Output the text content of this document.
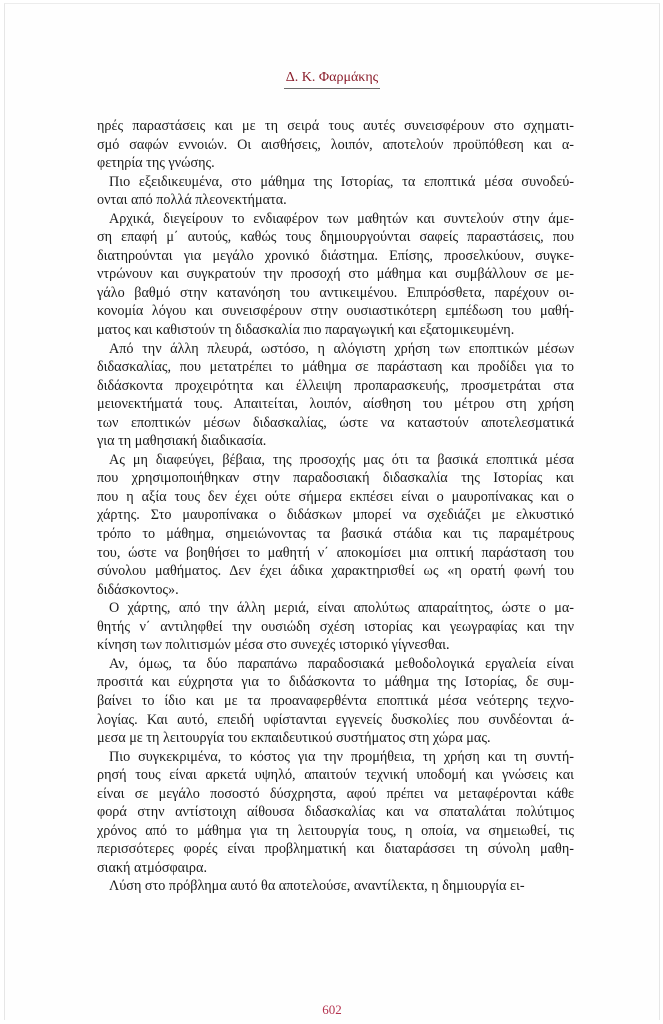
Δ. Κ. Φαρμάκης
ηρές παραστάσεις και με τη σειρά τους αυτές συνεισφέρουν στο σχηματι-
σμό σαφών εννοιών. Οι αισθήσεις, λοιπόν, αποτελούν προϋπόθεση και α-
φετηρία της γνώσης.
Πιο εξειδικευμένα, στο μάθημα της Ιστορίας, τα εποπτικά μέσα συνοδεύ-
ονται από πολλά πλεονεκτήματα.
Αρχικά, διεγείρουν το ενδιαφέρον των μαθητών και συντελούν στην άμε-
ση επαφή μ΄ αυτούς, καθώς τους δημιουργούνται σαφείς παραστάσεις, που
διατηρούνται για μεγάλο χρονικό διάστημα. Επίσης, προσελκύουν, συγκε-
ντρώνουν και συγκρατούν την προσοχή στο μάθημα και συμβάλλουν σε με-
γάλο βαθμό στην κατανόηση του αντικειμένου. Επιπρόσθετα, παρέχουν οι-
κονομία λόγου και συνεισφέρουν στην ουσιαστικότερη εμπέδωση του μαθή-
ματος και καθιστούν τη διδασκαλία πιο παραγωγική και εξατομικευμένη.
Από την άλλη πλευρά, ωστόσο, η αλόγιστη χρήση των εποπτικών μέσων
διδασκαλίας, που μετατρέπει το μάθημα σε παράσταση και προδίδει για το
διδάσκοντα προχειρότητα και έλλειψη προπαρασκευής, προσμετράται στα
μειονεκτήματά τους. Απαιτείται, λοιπόν, αίσθηση του μέτρου στη χρήση
των εποπτικών μέσων διδασκαλίας, ώστε να καταστούν αποτελεσματικά
για τη μαθησιακή διαδικασία.
Ας μη διαφεύγει, βέβαια, της προσοχής μας ότι τα βασικά εποπτικά μέσα
που χρησιμοποιήθηκαν στην παραδοσιακή διδασκαλία της Ιστορίας και
που η αξία τους δεν έχει ούτε σήμερα εκπέσει είναι ο μαυροπίνακας και ο
χάρτης. Στο μαυροπίνακα ο διδάσκων μπορεί να σχεδιάζει με ελκυστικό
τρόπο το μάθημα, σημειώνοντας τα βασικά στάδια και τις παραμέτρους
του, ώστε να βοηθήσει το μαθητή ν΄ αποκομίσει μια οπτική παράσταση του
σύνολου μαθήματος. Δεν έχει άδικα χαρακτηρισθεί ως «η ορατή φωνή του
διδάσκοντος».
Ο χάρτης, από την άλλη μεριά, είναι απολύτως απαραίτητος, ώστε ο μα-
θητής ν΄ αντιληφθεί την ουσιώδη σχέση ιστορίας και γεωγραφίας και την
κίνηση των πολιτισμών μέσα στο συνεχές ιστορικό γίγνεσθαι.
Αν, όμως, τα δύο παραπάνω παραδοσιακά μεθοδολογικά εργαλεία είναι
προσιτά και εύχρηστα για το διδάσκοντα το μάθημα της Ιστορίας, δε συμ-
βαίνει το ίδιο και με τα προαναφερθέντα εποπτικά μέσα νεότερης τεχνο-
λογίας. Και αυτό, επειδή υφίστανται εγγενείς δυσκολίες που συνδέονται ά-
μεσα με τη λειτουργία του εκπαιδευτικού συστήματος στη χώρα μας.
Πιο συγκεκριμένα, το κόστος για την προμήθεια, τη χρήση και τη συντή-
ρησή τους είναι αρκετά υψηλό, απαιτούν τεχνική υποδομή και γνώσεις και
είναι σε μεγάλο ποσοστό δύσχρηστα, αφού πρέπει να μεταφέρονται κάθε
φορά στην αντίστοιχη αίθουσα διδασκαλίας και να σπαταλάται πολύτιμος
χρόνος από το μάθημα για τη λειτουργία τους, η οποία, να σημειωθεί, τις
περισσότερες φορές είναι προβληματική και διαταράσσει τη σύνολη μαθη-
σιακή ατμόσφαιρα.
Λύση στο πρόβλημα αυτό θα αποτελούσε, αναντίλεκτα, η δημιουργία ει-
602
